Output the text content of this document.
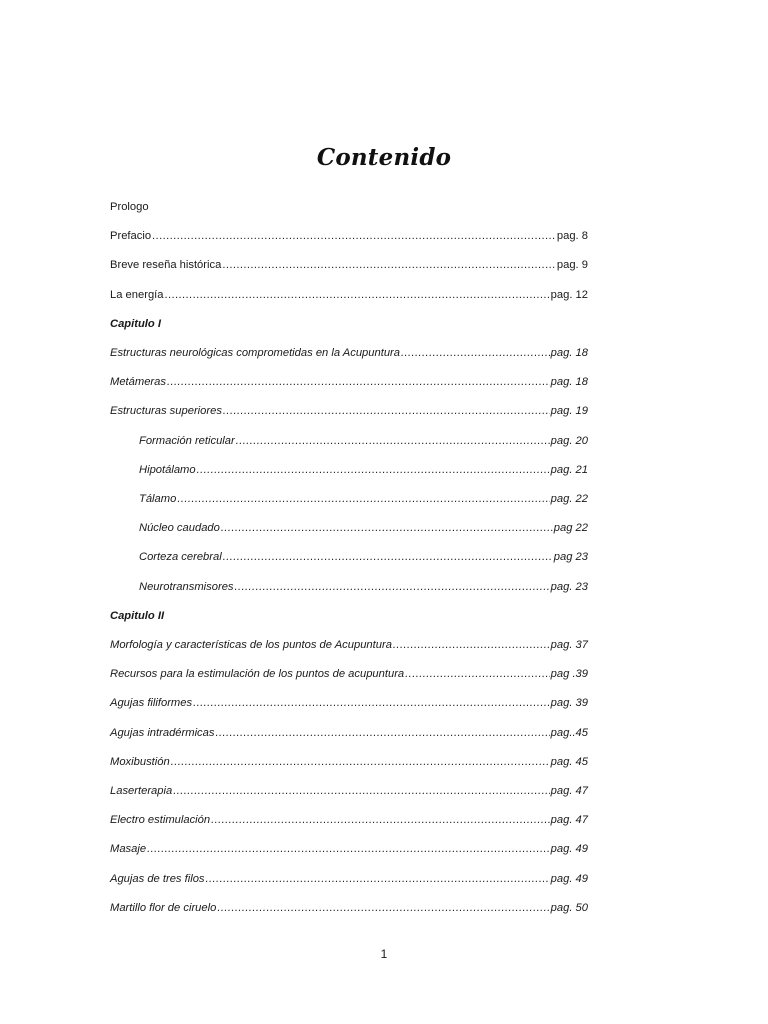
Contenido
Prologo
Prefacio .....	pag. 8
Breve reseña histórica .....	pag. 9
La energía .....	pag. 12
Capitulo I
Estructuras neurológicas comprometidas en la Acupuntura .....	pag. 18
Metámeras .....	pag. 18
Estructuras superiores .....	pag. 19
Formación reticular .....	pag. 20
Hipotálamo .....	pag. 21
Tálamo .....	pag. 22
Núcleo caudado .....	pag 22
Corteza cerebral .....	pag 23
Neurotransmisores .....	pag. 23
Capitulo II
Morfología y características de los puntos de Acupuntura .....	pag. 37
Recursos para la estimulación de los puntos de acupuntura .....	pag .39
Agujas filiformes .....	pag. 39
Agujas intradérmicas .....	pag..45
Moxibustión .....	pag. 45
Laserterapia .....	pag. 47
Electro estimulación .....	pag. 47
Masaje .....	pag. 49
Agujas de tres filos .....	pag. 49
Martillo flor de ciruelo .....	pag. 50
1
